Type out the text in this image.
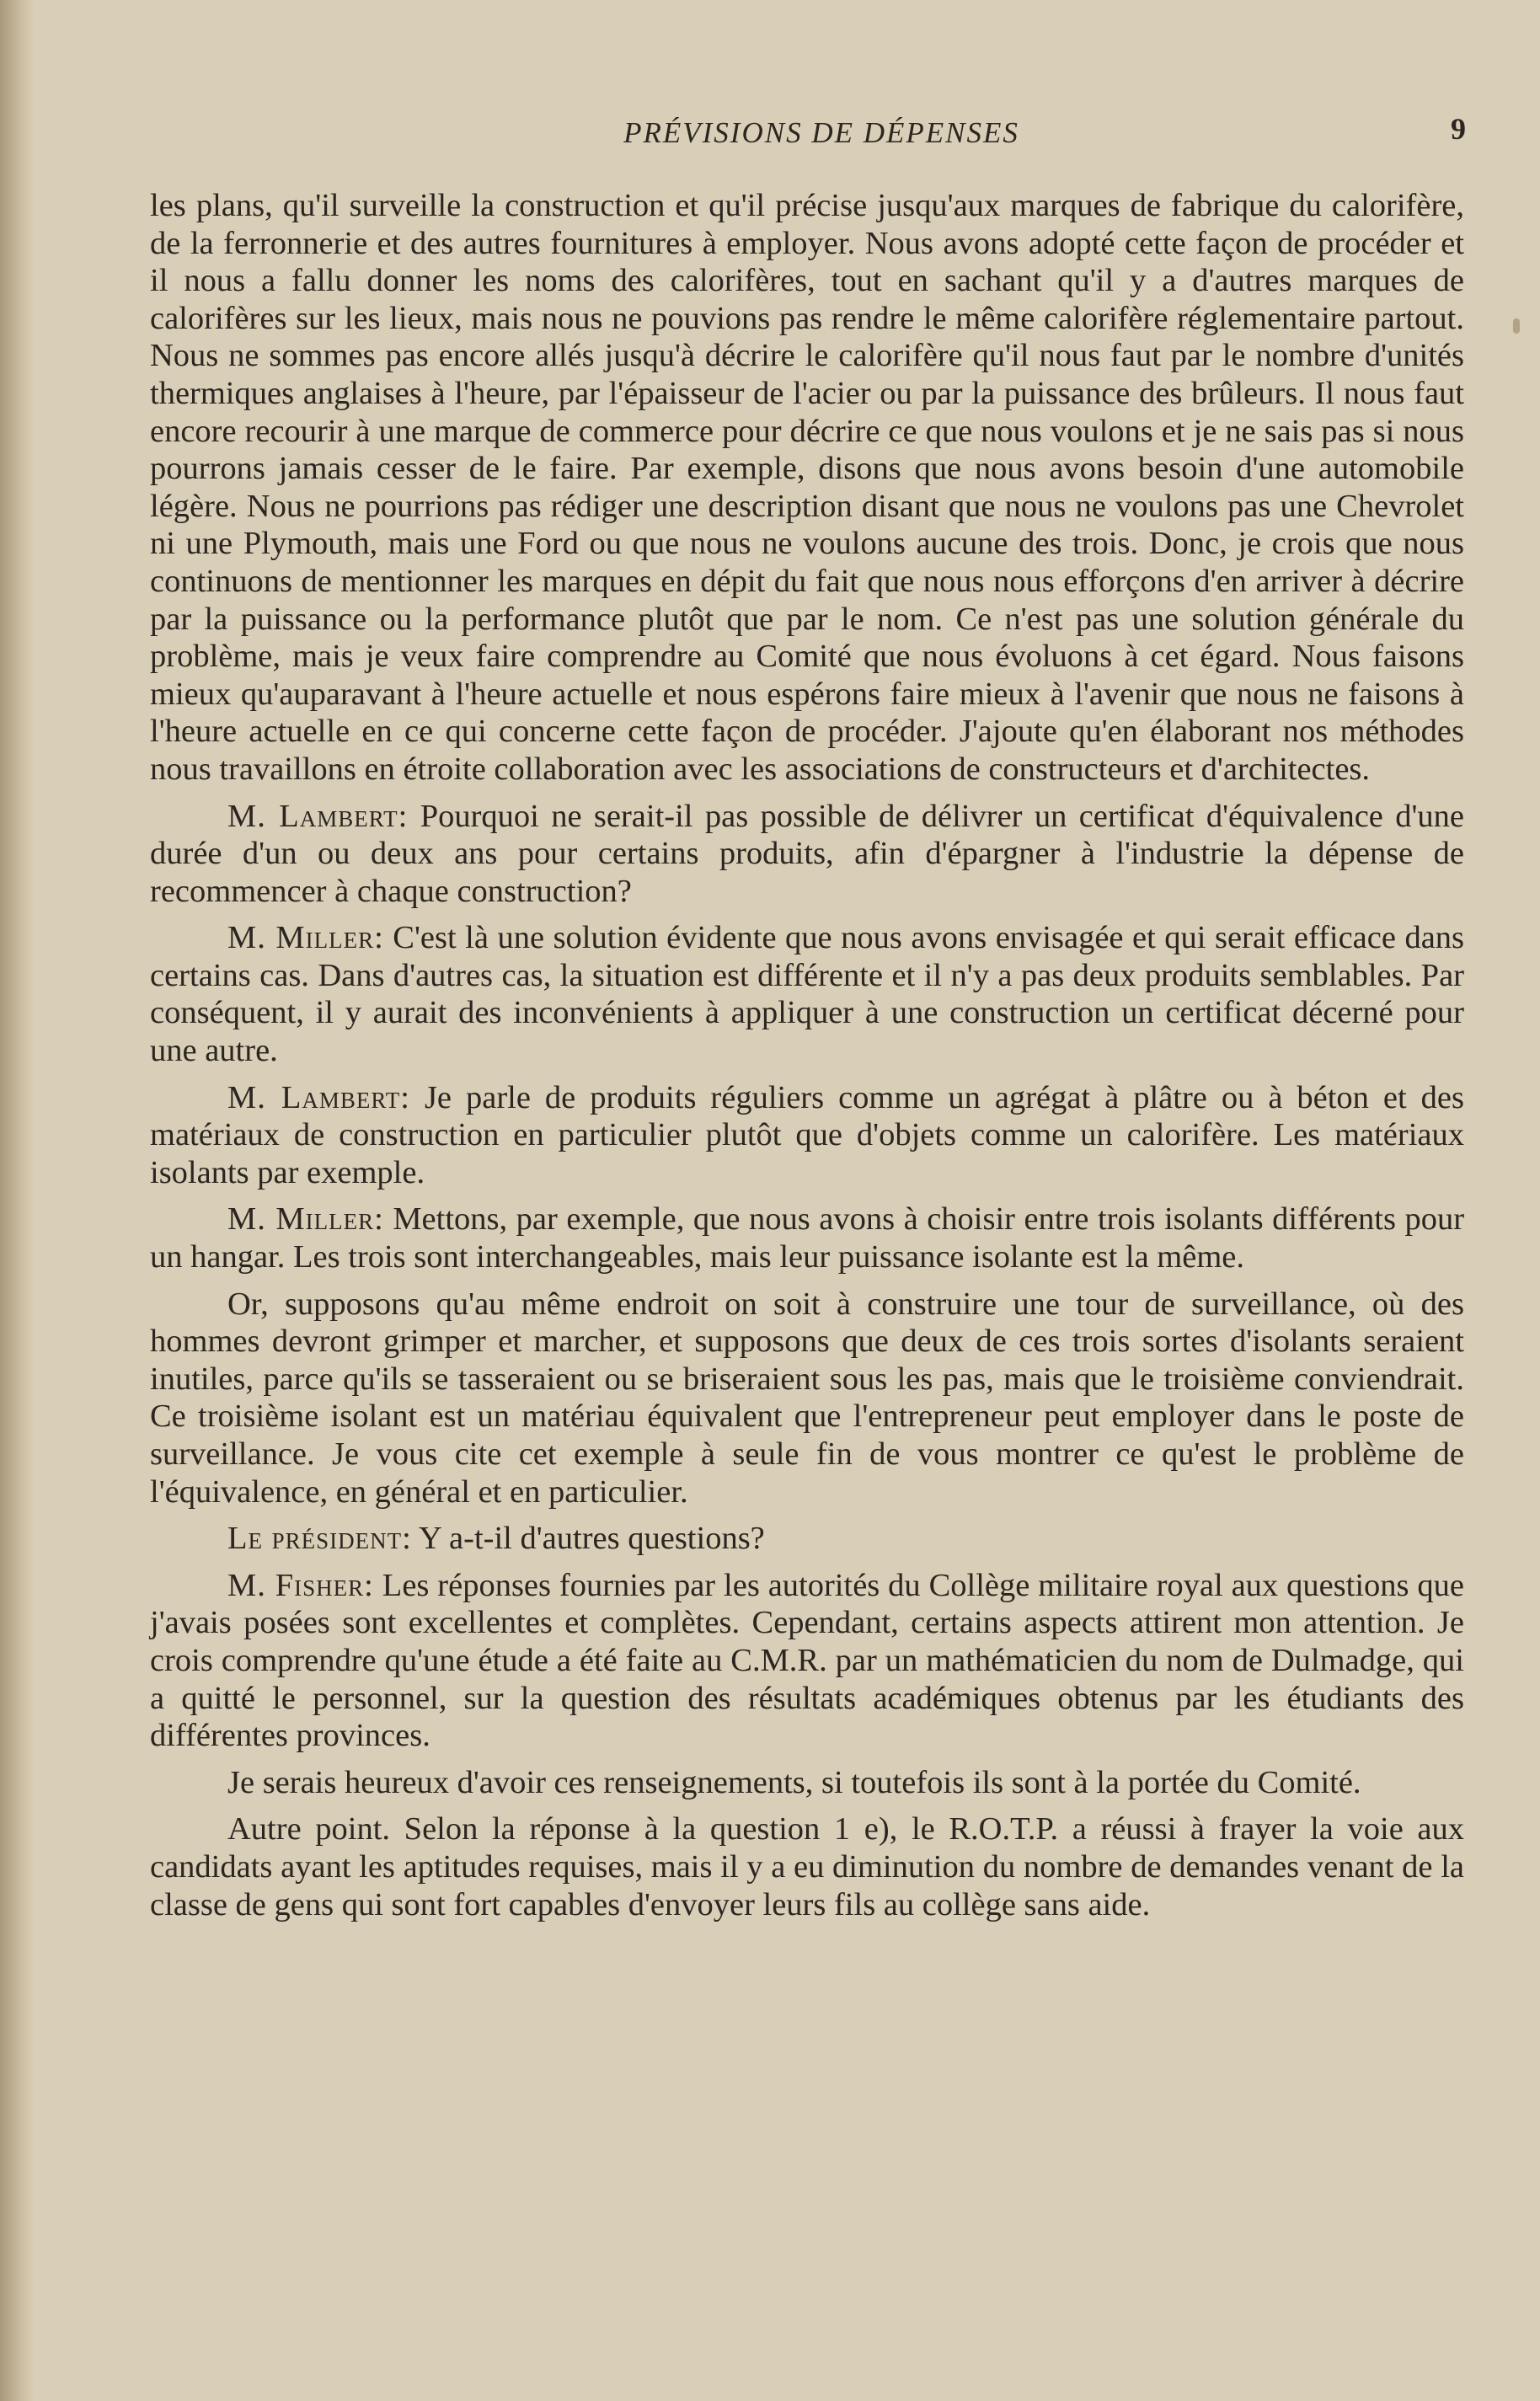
PRÉVISIONS DE DÉPENSES	9

les plans, qu'il surveille la construction et qu'il précise jusqu'aux marques de fabrique du calorifère, de la ferronnerie et des autres fournitures à employer. Nous avons adopté cette façon de procéder et il nous a fallu donner les noms des calorifères, tout en sachant qu'il y a d'autres marques de calorifères sur les lieux, mais nous ne pouvions pas rendre le même calorifère réglementaire partout. Nous ne sommes pas encore allés jusqu'à décrire le calorifère qu'il nous faut par le nombre d'unités thermiques anglaises à l'heure, par l'épaisseur de l'acier ou par la puissance des brûleurs. Il nous faut encore recourir à une marque de commerce pour décrire ce que nous voulons et je ne sais pas si nous pourrons jamais cesser de le faire. Par exemple, disons que nous avons besoin d'une automobile légère. Nous ne pourrions pas rédiger une description disant que nous ne voulons pas une Chevrolet ni une Plymouth, mais une Ford ou que nous ne voulons aucune des trois. Donc, je crois que nous continuons de mentionner les marques en dépit du fait que nous nous efforçons d'en arriver à décrire par la puissance ou la performance plutôt que par le nom. Ce n'est pas une solution générale du problème, mais je veux faire comprendre au Comité que nous évoluons à cet égard. Nous faisons mieux qu'auparavant à l'heure actuelle et nous espérons faire mieux à l'avenir que nous ne faisons à l'heure actuelle en ce qui concerne cette façon de procéder. J'ajoute qu'en élaborant nos méthodes nous travaillons en étroite collaboration avec les associations de constructeurs et d'architectes.

M. Lambert: Pourquoi ne serait-il pas possible de délivrer un certificat d'équivalence d'une durée d'un ou deux ans pour certains produits, afin d'épargner à l'industrie la dépense de recommencer à chaque construction?

M. Miller: C'est là une solution évidente que nous avons envisagée et qui serait efficace dans certains cas. Dans d'autres cas, la situation est différente et il n'y a pas deux produits semblables. Par conséquent, il y aurait des inconvénients à appliquer à une construction un certificat décerné pour une autre.

M. Lambert: Je parle de produits réguliers comme un agrégat à plâtre ou à béton et des matériaux de construction en particulier plutôt que d'objets comme un calorifère. Les matériaux isolants par exemple.

M. Miller: Mettons, par exemple, que nous avons à choisir entre trois isolants différents pour un hangar. Les trois sont interchangeables, mais leur puissance isolante est la même.

Or, supposons qu'au même endroit on soit à construire une tour de surveillance, où des hommes devront grimper et marcher, et supposons que deux de ces trois sortes d'isolants seraient inutiles, parce qu'ils se tasseraient ou se briseraient sous les pas, mais que le troisième conviendrait. Ce troisième isolant est un matériau équivalent que l'entrepreneur peut employer dans le poste de surveillance. Je vous cite cet exemple à seule fin de vous montrer ce qu'est le problème de l'équivalence, en général et en particulier.

Le président: Y a-t-il d'autres questions?

M. Fisher: Les réponses fournies par les autorités du Collège militaire royal aux questions que j'avais posées sont excellentes et complètes. Cependant, certains aspects attirent mon attention. Je crois comprendre qu'une étude a été faite au C.M.R. par un mathématicien du nom de Dulmadge, qui a quitté le personnel, sur la question des résultats académiques obtenus par les étudiants des différentes provinces.

Je serais heureux d'avoir ces renseignements, si toutefois ils sont à la portée du Comité.

Autre point. Selon la réponse à la question 1 e), le R.O.T.P. a réussi à frayer la voie aux candidats ayant les aptitudes requises, mais il y a eu diminution du nombre de demandes venant de la classe de gens qui sont fort capables d'envoyer leurs fils au collège sans aide.
